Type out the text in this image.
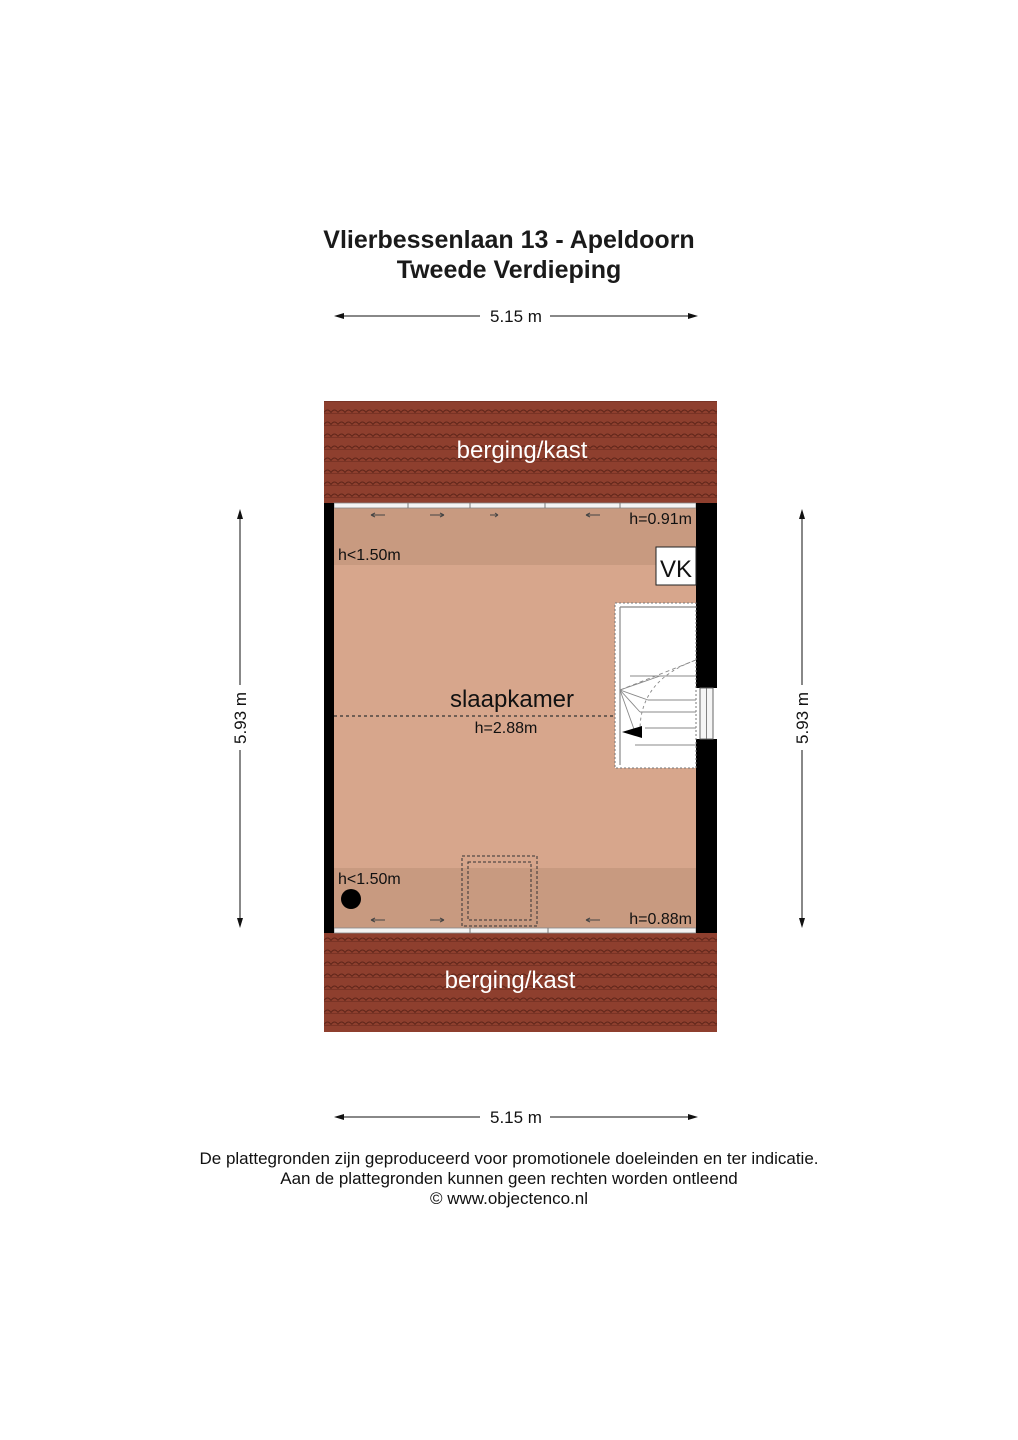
Vlierbessenlaan 13 - Apeldoorn
Tweede Verdieping
5.15 m
berging/kast
berging/kast
VK
slaapkamer
h=2.88m
h<1.50m
h=0.91m
h<1.50m
h=0.88m
5.93 m	5.93 m
5.15 m
De plattegronden zijn geproduceerd voor promotionele doeleinden en ter indicatie.
Aan de plattegronden kunnen geen rechten worden ontleend
© www.objectenco.nl
